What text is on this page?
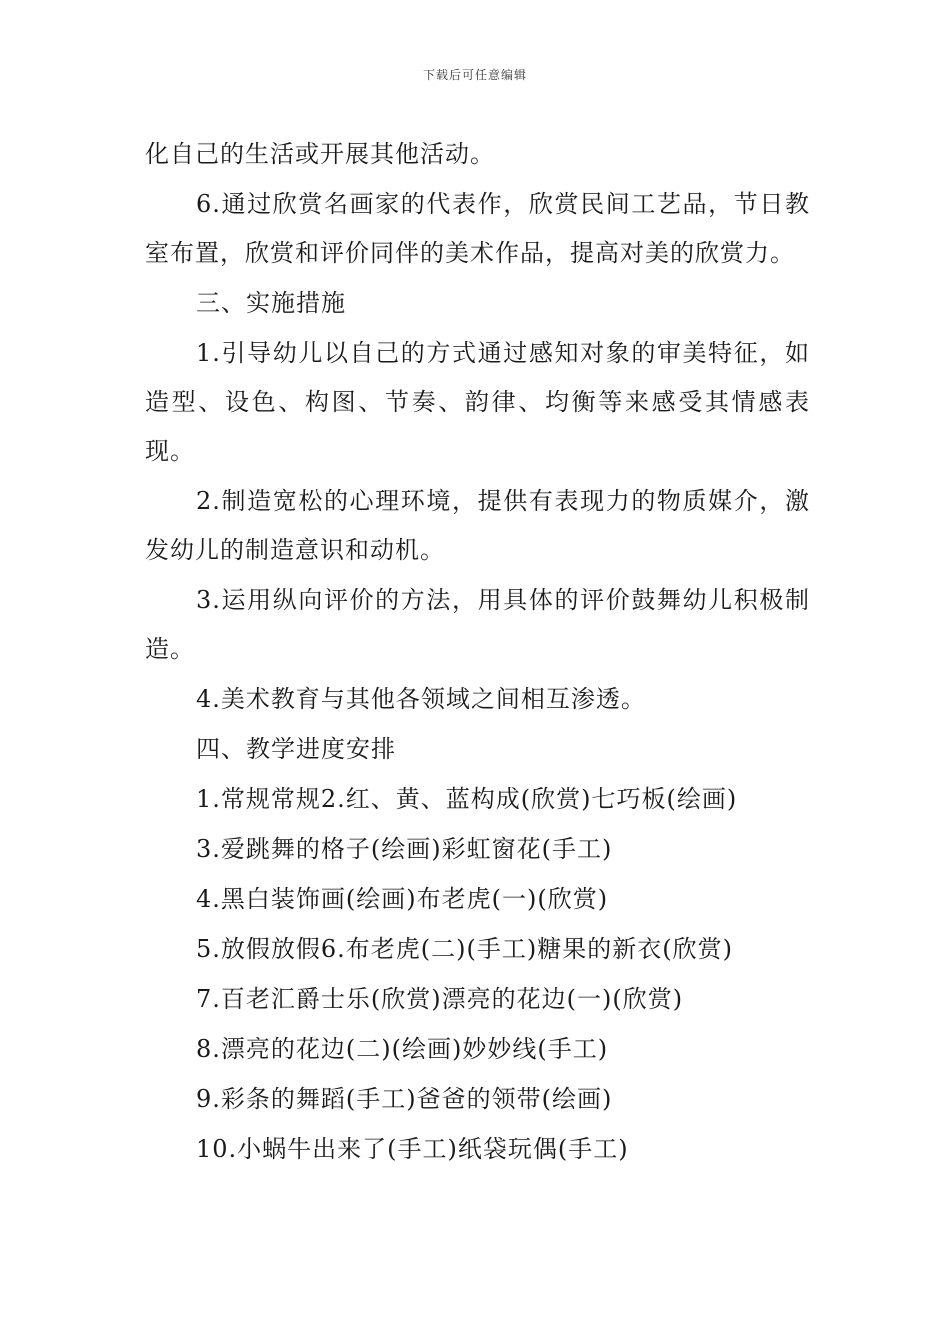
下载后可任意编辑

化自己的生活或开展其他活动。

6.通过欣赏名画家的代表作，欣赏民间工艺品，节日教室布置，欣赏和评价同伴的美术作品，提高对美的欣赏力。

三、实施措施

1.引导幼儿以自己的方式通过感知对象的审美特征，如造型、设色、构图、节奏、韵律、均衡等来感受其情感表现。

2.制造宽松的心理环境，提供有表现力的物质媒介，激发幼儿的制造意识和动机。

3.运用纵向评价的方法，用具体的评价鼓舞幼儿积极制造。

4.美术教育与其他各领域之间相互渗透。

四、教学进度安排

1.常规常规2.红、黄、蓝构成(欣赏)七巧板(绘画)

3.爱跳舞的格子(绘画)彩虹窗花(手工)

4.黑白装饰画(绘画)布老虎(一)(欣赏)

5.放假放假6.布老虎(二)(手工)糖果的新衣(欣赏)

7.百老汇爵士乐(欣赏)漂亮的花边(一)(欣赏)

8.漂亮的花边(二)(绘画)妙妙线(手工)

9.彩条的舞蹈(手工)爸爸的领带(绘画)

10.小蜗牛出来了(手工)纸袋玩偶(手工)
